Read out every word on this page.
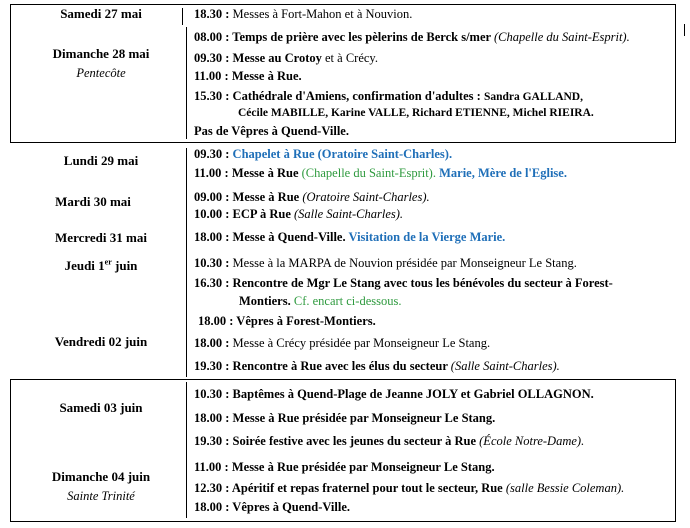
Samedi 27 mai
Dimanche 28 mai
Pentecôte
Lundi 29 mai
Mardi 30 mai
Mercredi 31 mai
Jeudi 1er juin
Vendredi 02 juin
Samedi 03 juin
Dimanche 04 juin
Sainte Trinité
18.30 : Messes à Fort-Mahon et à Nouvion.
08.00 : Temps de prière avec les pèlerins de Berck s/mer (Chapelle du Saint-Esprit).
09.30 : Messe au Crotoy et à Crécy.
11.00 : Messe à Rue.
15.30 : Cathédrale d'Amiens, confirmation d'adultes : Sandra GALLAND,
Cécile MABILLE, Karine VALLE, Richard ETIENNE, Michel RIEIRA.
Pas de Vêpres à Quend-Ville.
09.30 : Chapelet à Rue (Oratoire Saint-Charles).
11.00 : Messe à Rue (Chapelle du Saint-Esprit). Marie, Mère de l'Eglise.
09.00 : Messe à Rue (Oratoire Saint-Charles).
10.00 : ECP à Rue (Salle Saint-Charles).
18.00 : Messe à Quend-Ville. Visitation de la Vierge Marie.
10.30 : Messe à la MARPA de Nouvion présidée par Monseigneur Le Stang.
16.30 : Rencontre de Mgr Le Stang avec tous les bénévoles du secteur à Forest-
Montiers. Cf. encart ci-dessous.
18.00 : Vêpres à Forest-Montiers.
18.00 : Messe à Crécy présidée par Monseigneur Le Stang.
19.30 : Rencontre à Rue avec les élus du secteur (Salle Saint-Charles).
10.30 : Baptêmes à Quend-Plage de Jeanne JOLY et Gabriel OLLAGNON.
18.00 : Messe à Rue présidée par Monseigneur Le Stang.
19.30 : Soirée festive avec les jeunes du secteur à Rue (École Notre-Dame).
11.00 : Messe à Rue présidée par Monseigneur Le Stang.
12.30 : Apéritif et repas fraternel pour tout le secteur, Rue (salle Bessie Coleman).
18.00 : Vêpres à Quend-Ville.
